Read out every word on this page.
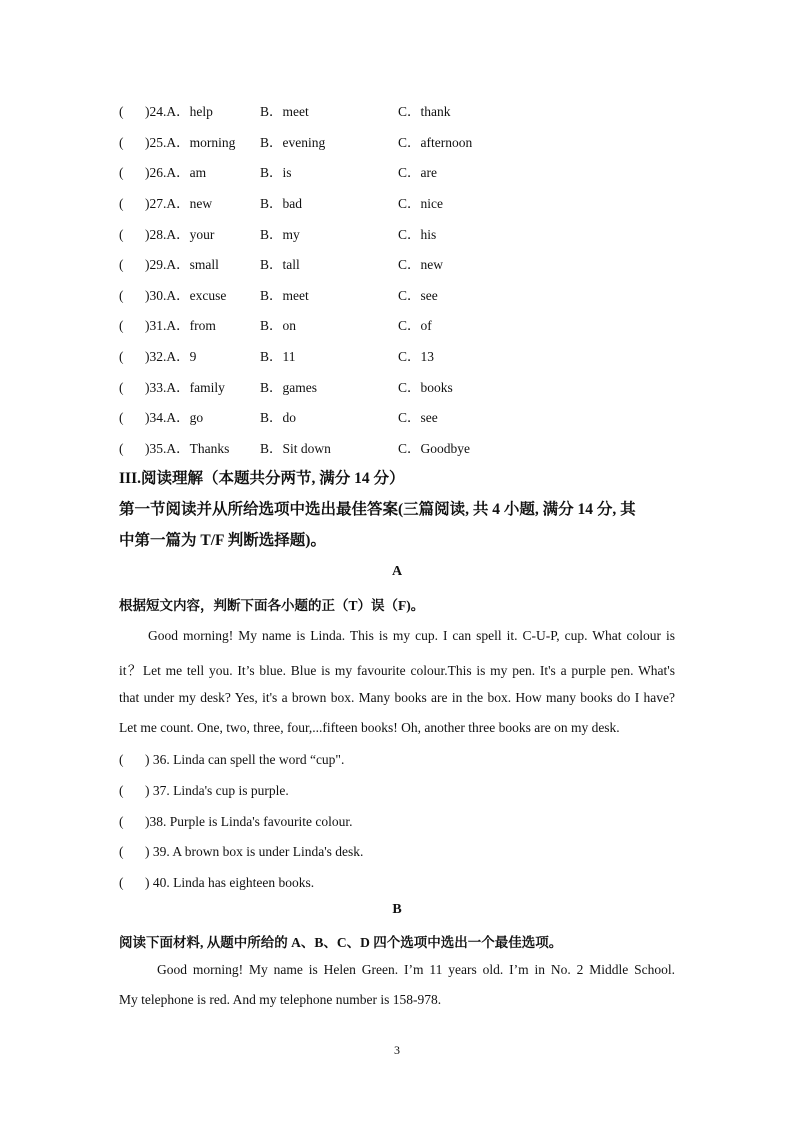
( )24.A．help	B．meet	C．thank
( )25.A．morning B．evening	C．afternoon
( )26.A．am	B．is	C．are
( )27.A．new	B．bad	C．nice
( )28.A．your	B．my	C．his
( )29.A．small	B．tall	C．new
( )30.A．excuse B．meet	C．see
( )31.A．from	B．on	C．of
( )32.A．9	B．11	C．13
( )33.A．family	B．games	C．books
( )34.A．go	B．do	C．see
( )35.A．Thanks B．Sit down	C．Goodbye
III.阅读理解（本题共分两节, 满分 14 分）
第一节阅读并从所给选项中选出最佳答案(三篇阅读, 共 4 小题, 满分 14 分, 其
中第一篇为 T/F 判断选择题)。
A
根据短文内容，判断下面各小题的正（T）误（F)。
Good morning! My name is Linda. This is my cup. I can spell it. C-U-P, cup. What colour is
it？Let me tell you. It’s blue. Blue is my favourite colour.This is my pen. It's a purple pen. What's
that under my desk? Yes, it's a brown box. Many books are in the box. How many books do I have?
Let me count. One, two, three, four,...fifteen books! Oh, another three books are on my desk.
( ) 36. Linda can spell the word “cup".
( ) 37. Linda's cup is purple.
( )38. Purple is Linda's favourite colour.
( ) 39. A brown box is under Linda's desk.
( ) 40. Linda has eighteen books.
B
阅读下面材料, 从题中所给的 A、B、C、D 四个选项中选出一个最佳选项。
Good morning! My name is Helen Green. I’m 11 years old. I’m in No. 2 Middle School.
My telephone is red. And my telephone number is 158-978.
3
